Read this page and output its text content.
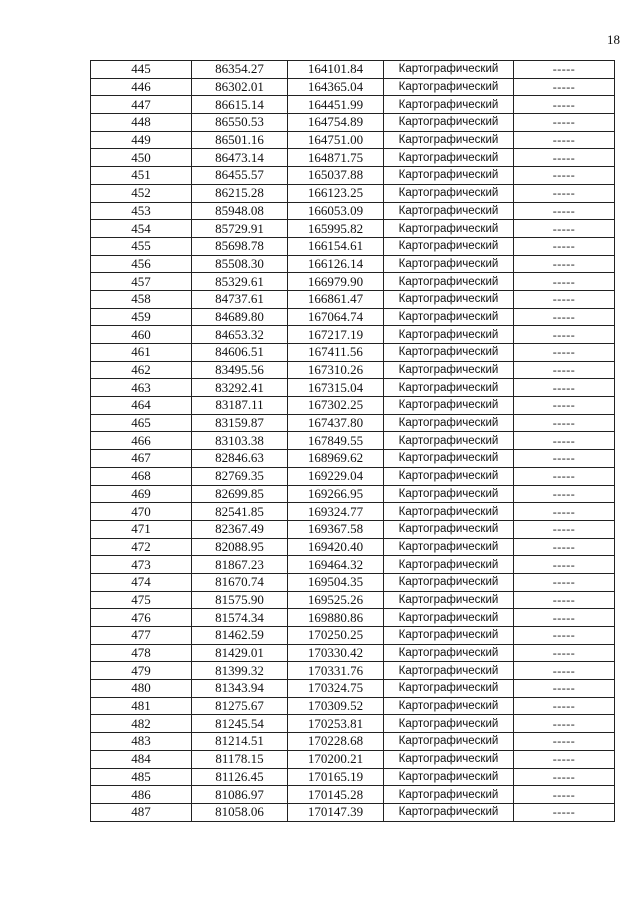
18
445	86354.27	164101.84	Картографический	-----
446	86302.01	164365.04	Картографический	-----
447	86615.14	164451.99	Картографический	-----
448	86550.53	164754.89	Картографический	-----
449	86501.16	164751.00	Картографический	-----
450	86473.14	164871.75	Картографический	-----
451	86455.57	165037.88	Картографический	-----
452	86215.28	166123.25	Картографический	-----
453	85948.08	166053.09	Картографический	-----
454	85729.91	165995.82	Картографический	-----
455	85698.78	166154.61	Картографический	-----
456	85508.30	166126.14	Картографический	-----
457	85329.61	166979.90	Картографический	-----
458	84737.61	166861.47	Картографический	-----
459	84689.80	167064.74	Картографический	-----
460	84653.32	167217.19	Картографический	-----
461	84606.51	167411.56	Картографический	-----
462	83495.56	167310.26	Картографический	-----
463	83292.41	167315.04	Картографический	-----
464	83187.11	167302.25	Картографический	-----
465	83159.87	167437.80	Картографический	-----
466	83103.38	167849.55	Картографический	-----
467	82846.63	168969.62	Картографический	-----
468	82769.35	169229.04	Картографический	-----
469	82699.85	169266.95	Картографический	-----
470	82541.85	169324.77	Картографический	-----
471	82367.49	169367.58	Картографический	-----
472	82088.95	169420.40	Картографический	-----
473	81867.23	169464.32	Картографический	-----
474	81670.74	169504.35	Картографический	-----
475	81575.90	169525.26	Картографический	-----
476	81574.34	169880.86	Картографический	-----
477	81462.59	170250.25	Картографический	-----
478	81429.01	170330.42	Картографический	-----
479	81399.32	170331.76	Картографический	-----
480	81343.94	170324.75	Картографический	-----
481	81275.67	170309.52	Картографический	-----
482	81245.54	170253.81	Картографический	-----
483	81214.51	170228.68	Картографический	-----
484	81178.15	170200.21	Картографический	-----
485	81126.45	170165.19	Картографический	-----
486	81086.97	170145.28	Картографический	-----
487	81058.06	170147.39	Картографический	-----
